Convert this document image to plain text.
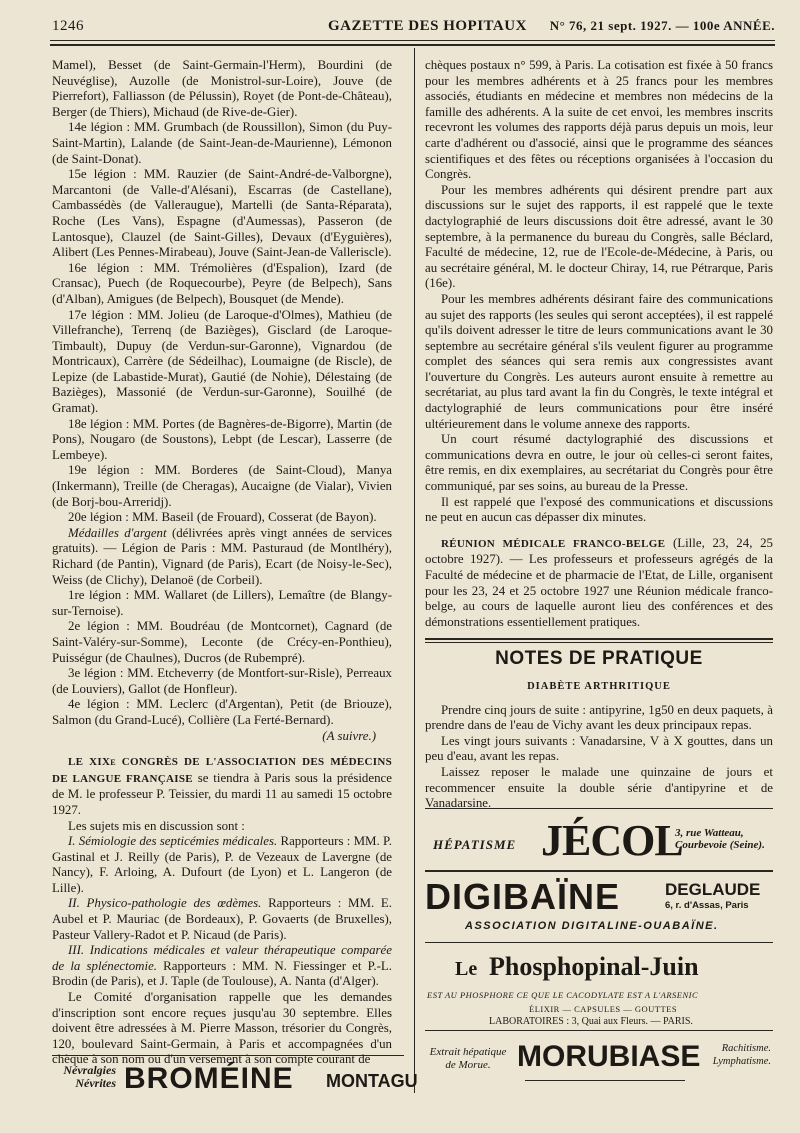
1246	GAZETTE DES HOPITAUX N° 76, 21 sept. 1927. — 100e ANNÉE.

Mamel), Besset (de Saint-Germain-l'Herm), Bourdini (de Neuvéglise), Auzolle (de Monistrol-sur-Loire), Jouve (de Pierrefort), Falliasson (de Pélussin), Royet (de Pont-de-Château), Berger (de Thiers), Michaud (de Rive-de-Gier).

14e légion : MM. Grumbach (de Roussillon), Simon (du Puy-Saint-Martin), Lalande (de Saint-Jean-de-Maurienne), Lémonon (de Saint-Donat).

15e légion : MM. Rauzier (de Saint-André-de-Valborgne), Marcantoni (de Valle-d'Alésani), Escarras (de Castellane), Cambassédès (de Valleraugue), Martelli (de Santa-Réparata), Roche (Les Vans), Espagne (d'Aumessas), Passeron (de Lantosque), Clauzel (de Saint-Gilles), Devaux (d'Eyguières), Alibert (Les Pennes-Mirabeau), Jouve (Saint-Jean-de Valleriscle).

16e légion : MM. Trémolières (d'Espalion), Izard (de Cransac), Puech (de Roquecourbe), Peyre (de Belpech), Sans (d'Alban), Amigues (de Belpech), Bousquet (de Mende).

17e légion : MM. Jolieu (de Laroque-d'Olmes), Mathieu (de Villefranche), Terrenq (de Bazièges), Gisclard (de Laroque-Timbault), Dupuy (de Verdun-sur-Garonne), Vignardou (de Montricaux), Carrère (de Sédeilhac), Loumaigne (de Riscle), de Lepize (de Labastide-Murat), Gautié (de Nohie), Délestaing (de Bazièges), Massonié (de Verdun-sur-Garonne), Souilhé (de Gramat).

18e légion : MM. Portes (de Bagnères-de-Bigorre), Martin (de Pons), Nougaro (de Soustons), Lebpt (de Lescar), Lasserre (de Lembeye).

19e légion : MM. Borderes (de Saint-Cloud), Manya (Inkermann), Treille (de Cheragas), Aucaigne (de Vialar), Vivien (de Borj-bou-Arreridj).

20e légion : MM. Baseil (de Frouard), Cosserat (de Bayon).

Médailles d'argent (délivrées après vingt années de services gratuits). — Légion de Paris : MM. Pasturaud (de Montlhéry), Richard (de Pantin), Vignard (de Paris), Ecart (de Noisy-le-Sec), Weiss (de Clichy), Delanoë (de Corbeil).

1re légion : MM. Wallaret (de Lillers), Lemaître (de Blangy-sur-Ternoise).

2e légion : MM. Boudréau (de Montcornet), Cagnard (de Saint-Valéry-sur-Somme), Leconte (de Crécy-en-Ponthieu), Puisségur (de Chaulnes), Ducros (de Rubempré).

3e légion : MM. Etcheverry (de Montfort-sur-Risle), Perreaux (de Louviers), Gallot (de Honfleur).

4e légion : MM. Leclerc (d'Argentan), Petit (de Briouze), Salmon (du Grand-Lucé), Collière (La Ferté-Bernard).

(A suivre.)

LE XIXe CONGRÈS DE L'ASSOCIATION DES MÉDECINS DE LANGUE FRANÇAISE se tiendra à Paris sous la présidence de M. le professeur P. Teissier, du mardi 11 au samedi 15 octobre 1927.

Les sujets mis en discussion sont :

I. Sémiologie des septicémies médicales. Rapporteurs : MM. P. Gastinal et J. Reilly (de Paris), P. de Vezeaux de Lavergne (de Nancy), F. Arloing, A. Dufourt (de Lyon) et L. Langeron (de Lille).

II. Physico-pathologie des œdèmes. Rapporteurs : MM. E. Aubel et P. Mauriac (de Bordeaux), P. Govaerts (de Bruxelles), Pasteur Vallery-Radot et P. Nicaud (de Paris).

III. Indications médicales et valeur thérapeutique comparée de la splénectomie. Rapporteurs : MM. N. Fiessinger et P.-L. Brodin (de Paris), et J. Taple (de Toulouse), A. Nanta (d'Alger).

Le Comité d'organisation rappelle que les demandes d'inscription sont encore reçues jusqu'au 30 septembre. Elles doivent être adressées à M. Pierre Masson, trésorier du Congrès, 120, boulevard Saint-Germain, à Paris et accompagnées d'un chèque à son nom ou d'un versement à son compte courant de

Névralgies Névrites BROMÉINE MONTAGU

chèques postaux n° 599, à Paris. La cotisation est fixée à 50 francs pour les membres adhérents et à 25 francs pour les membres associés, étudiants en médecine et membres non médecins de la famille des adhérents. A la suite de cet envoi, les membres inscrits recevront les volumes des rapports déjà parus depuis un mois, leur carte d'adhérent ou d'associé, ainsi que le programme des séances scientifiques et des fêtes ou réceptions organisées à l'occasion du Congrès.

Pour les membres adhérents qui désirent prendre part aux discussions sur le sujet des rapports, il est rappelé que le texte dactylographié de leurs discussions doit être adressé, avant le 30 septembre, à la permanence du bureau du Congrès, salle Béclard, Faculté de médecine, 12, rue de l'Ecole-de-Médecine, à Paris, ou au secrétaire général, M. le docteur Chiray, 14, rue Pétrarque, Paris (16e).

Pour les membres adhérents désirant faire des communications au sujet des rapports (les seules qui seront acceptées), il est rappelé qu'ils doivent adresser le titre de leurs communications avant le 30 septembre au secrétaire général s'ils veulent figurer au programme complet des séances qui sera remis aux congressistes avant l'ouverture du Congrès. Les auteurs auront ensuite à remettre au secrétariat, au plus tard avant la fin du Congrès, le texte intégral et dactylographié de leurs communications pour être inséré ultérieurement dans le volume annexe des rapports.

Un court résumé dactylographié des discussions et communications devra en outre, le jour où celles-ci seront faites, être remis, en dix exemplaires, au secrétariat du Congrès pour être communiqué, par ses soins, au bureau de la Presse.

Il est rappelé que l'exposé des communications et discussions ne peut en aucun cas dépasser dix minutes.

RÉUNION MÉDICALE FRANCO-BELGE (Lille, 23, 24, 25 octobre 1927). — Les professeurs et professeurs agrégés de la Faculté de médecine et de pharmacie de l'Etat, de Lille, organisent pour les 23, 24 et 25 octobre 1927 une Réunion médicale franco-belge, au cours de laquelle auront lieu des conférences et des démonstrations essentiellement pratiques.

NOTES DE PRATIQUE
DIABÈTE ARTHRITIQUE

Prendre cinq jours de suite : antipyrine, 1g50 en deux paquets, à prendre dans de l'eau de Vichy avant les deux principaux repas.

Les vingt jours suivants : Vanadarsine, V à X gouttes, dans un peu d'eau, avant les repas.

Laissez reposer le malade une quinzaine de jours et recommencer ensuite la double série d'antipyrine et de Vanadarsine.

HÉPATISME JÉCOL
3, rue Watteau, Courbevoie (Seine).
DIGIBAÏNE	DEGLAUDE
6, r. d'Assas, Paris
ASSOCIATION DIGITALINE-OUABAÏNE.
Le Phosphopinal-Juin
EST AU PHOSPHORE CE QUE LE CACODYLATE EST A L'ARSENIC
ÉLIXIR — CAPSULES — GOUTTES
LABORATOIRES : 3, Quai aux Fleurs. — PARIS.
Extrait hépatique de Morue. MORUBIASE	Rachitisme. Lymphatisme.
